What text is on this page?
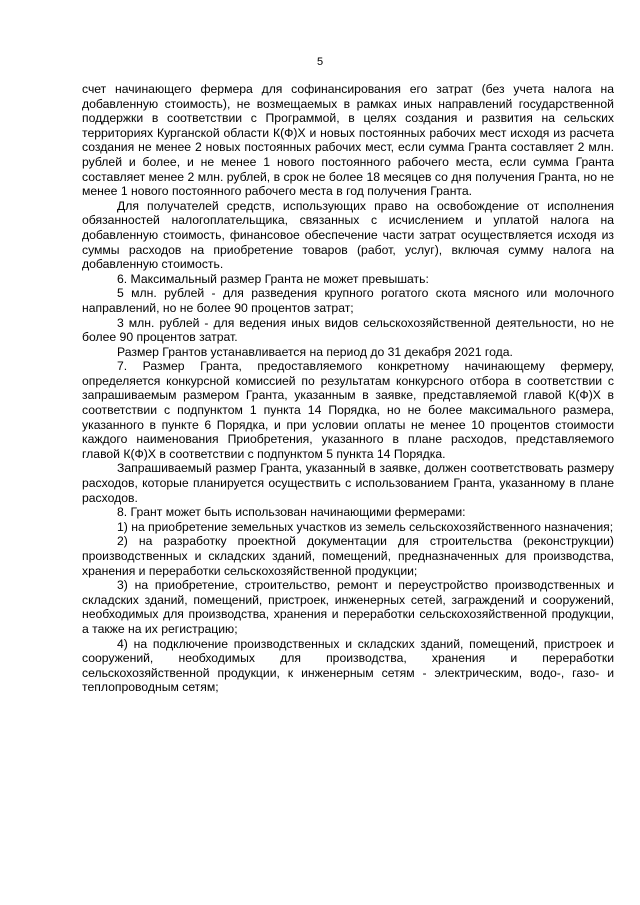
5

счет начинающего фермера для софинансирования его затрат (без учета налога на добавленную стоимость), не возмещаемых в рамках иных направлений государственной поддержки в соответствии с Программой, в целях создания и развития на сельских территориях Курганской области К(Ф)Х и новых постоянных рабочих мест исходя из расчета создания не менее 2 новых постоянных рабочих мест, если сумма Гранта составляет 2 млн. рублей и более, и не менее 1 нового постоянного рабочего места, если сумма Гранта составляет менее 2 млн. рублей, в срок не более 18 месяцев со дня получения Гранта, но не менее 1 нового постоянного рабочего места в год получения Гранта.

Для получателей средств, использующих право на освобождение от исполнения обязанностей налогоплательщика, связанных с исчислением и уплатой налога на добавленную стоимость, финансовое обеспечение части затрат осуществляется исходя из суммы расходов на приобретение товаров (работ, услуг), включая сумму налога на добавленную стоимость.

6. Максимальный размер Гранта не может превышать:

5 млн. рублей - для разведения крупного рогатого скота мясного или молочного направлений, но не более 90 процентов затрат;

3 млн. рублей - для ведения иных видов сельскохозяйственной деятельности, но не более 90 процентов затрат.

Размер Грантов устанавливается на период до 31 декабря 2021 года.

7. Размер Гранта, предоставляемого конкретному начинающему фермеру, определяется конкурсной комиссией по результатам конкурсного отбора в соответствии с запрашиваемым размером Гранта, указанным в заявке, представляемой главой К(Ф)Х в соответствии с подпунктом 1 пункта 14 Порядка, но не более максимального размера, указанного в пункте 6 Порядка, и при условии оплаты не менее 10 процентов стоимости каждого наименования Приобретения, указанного в плане расходов, представляемого главой К(Ф)Х в соответствии с подпунктом 5 пункта 14 Порядка.

Запрашиваемый размер Гранта, указанный в заявке, должен соответствовать размеру расходов, которые планируется осуществить с использованием Гранта, указанному в плане расходов.

8. Грант может быть использован начинающими фермерами:

1) на приобретение земельных участков из земель сельскохозяйственного назначения;

2) на разработку проектной документации для строительства (реконструкции) производственных и складских зданий, помещений, предназначенных для производства, хранения и переработки сельскохозяйственной продукции;

3) на приобретение, строительство, ремонт и переустройство производственных и складских зданий, помещений, пристроек, инженерных сетей, заграждений и сооружений, необходимых для производства, хранения и переработки сельскохозяйственной продукции, а также на их регистрацию;

4) на подключение производственных и складских зданий, помещений, пристроек и сооружений, необходимых для производства, хранения и переработки сельскохозяйственной продукции, к инженерным сетям - электрическим, водо-, газо- и теплопроводным сетям;
